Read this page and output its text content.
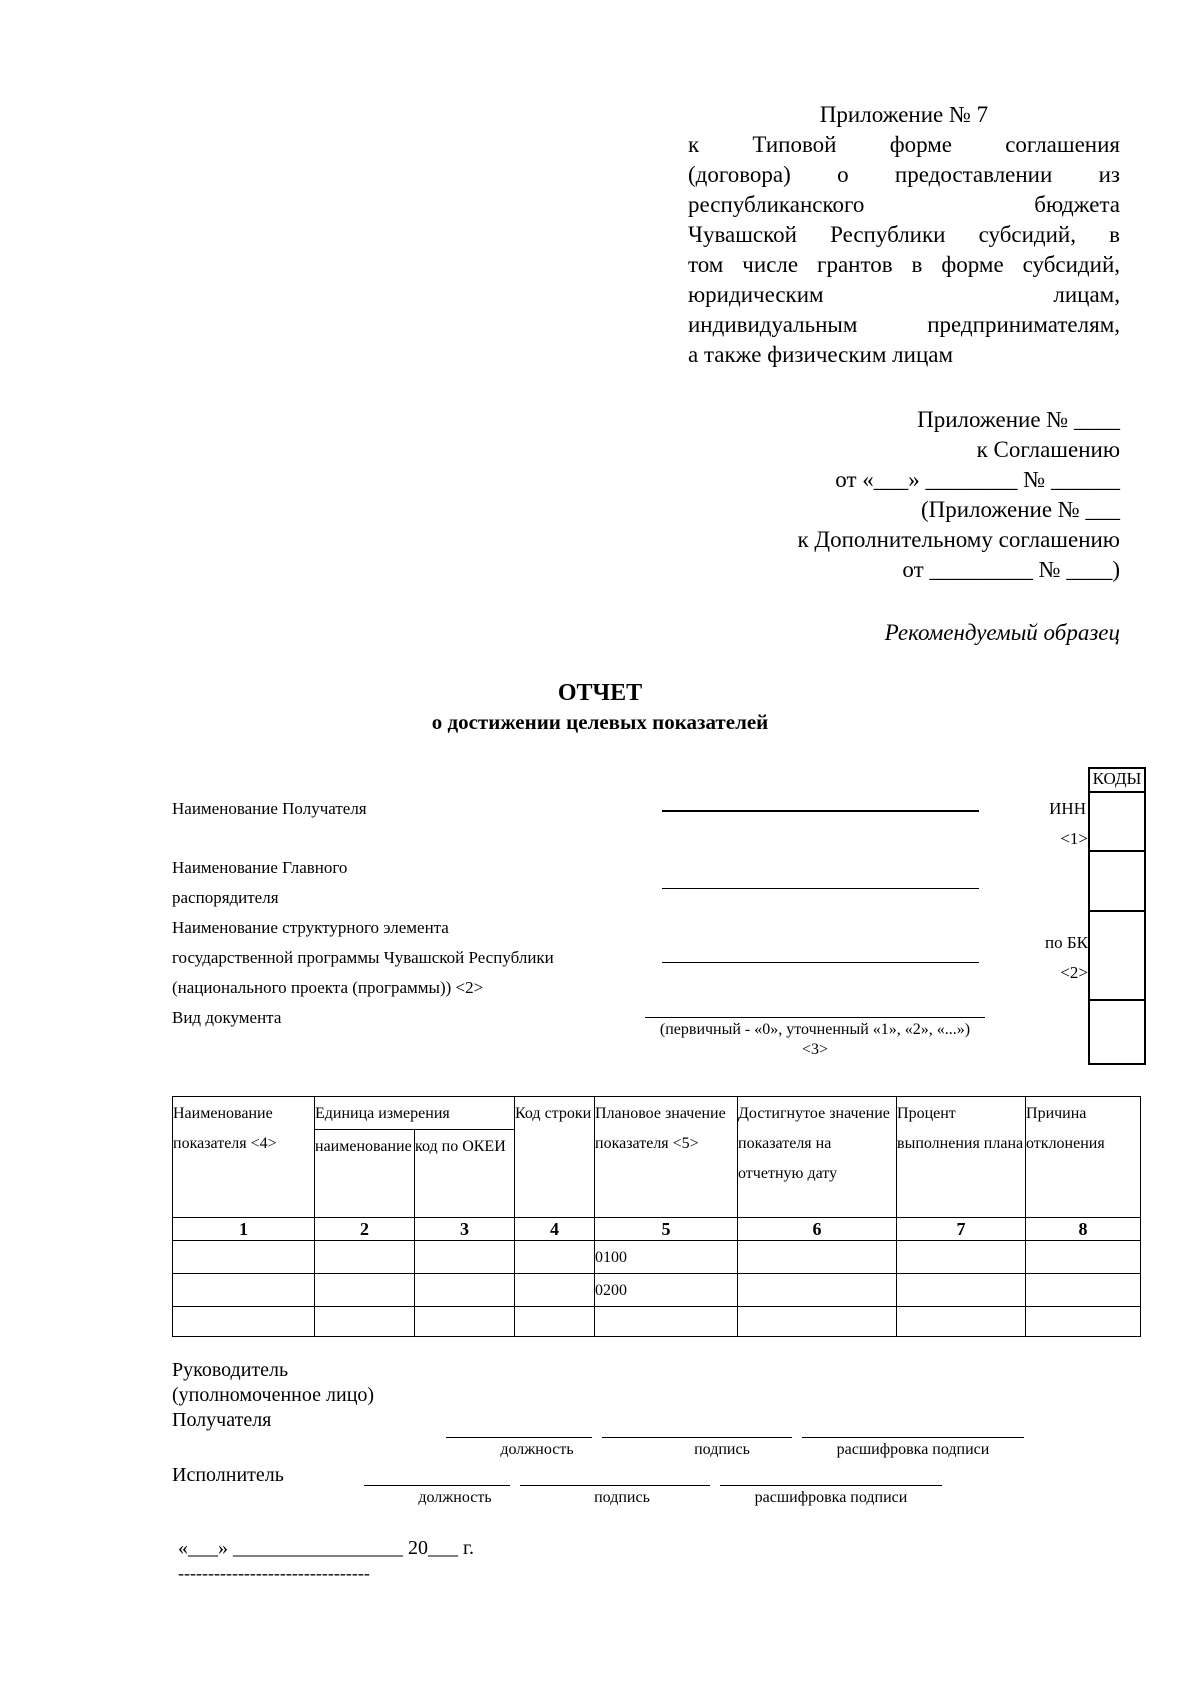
Приложение № 7
к Типовой форме соглашения
(договора) о предоставлении из
республиканского бюджета
Чувашской Республики субсидий, в
том числе грантов в форме субсидий,
юридическим лицам,
индивидуальным предпринимателям,
а также физическим лицам
Приложение № ____
к Соглашению
от «___» ________ № ______
(Приложение № ___
к Дополнительному соглашению
от _________ № ____)
Рекомендуемый образец
ОТЧЕТ
о достижении целевых показателей
Наименование Получателя
Наименование Главного
распорядителя
Наименование структурного элемента
государственной программы Чувашской Республики
(национального проекта (программы)) <2>
Вид документа
(первичный - «0», уточненный «1», «2», «...»)
<3>
КОДЫ
ИНН
<1>
по БК
<2>
Наименование показателя <4>	Единица измерения		Код строки	Плановое значение показателя <5>	Достигнутое значение показателя на отчетную дату	Процент выполнения плана	Причина отклонения
	наименование	код по ОКЕИ					
1	2	3	4	5	6	7	8
				0100			
				0200			

Руководитель
(уполномоченное лицо)
Получателя
должность	подпись	расшифровка подписи
Исполнитель
должность	подпись	расшифровка подписи
«___» _________________ 20___ г.
--------------------------------
